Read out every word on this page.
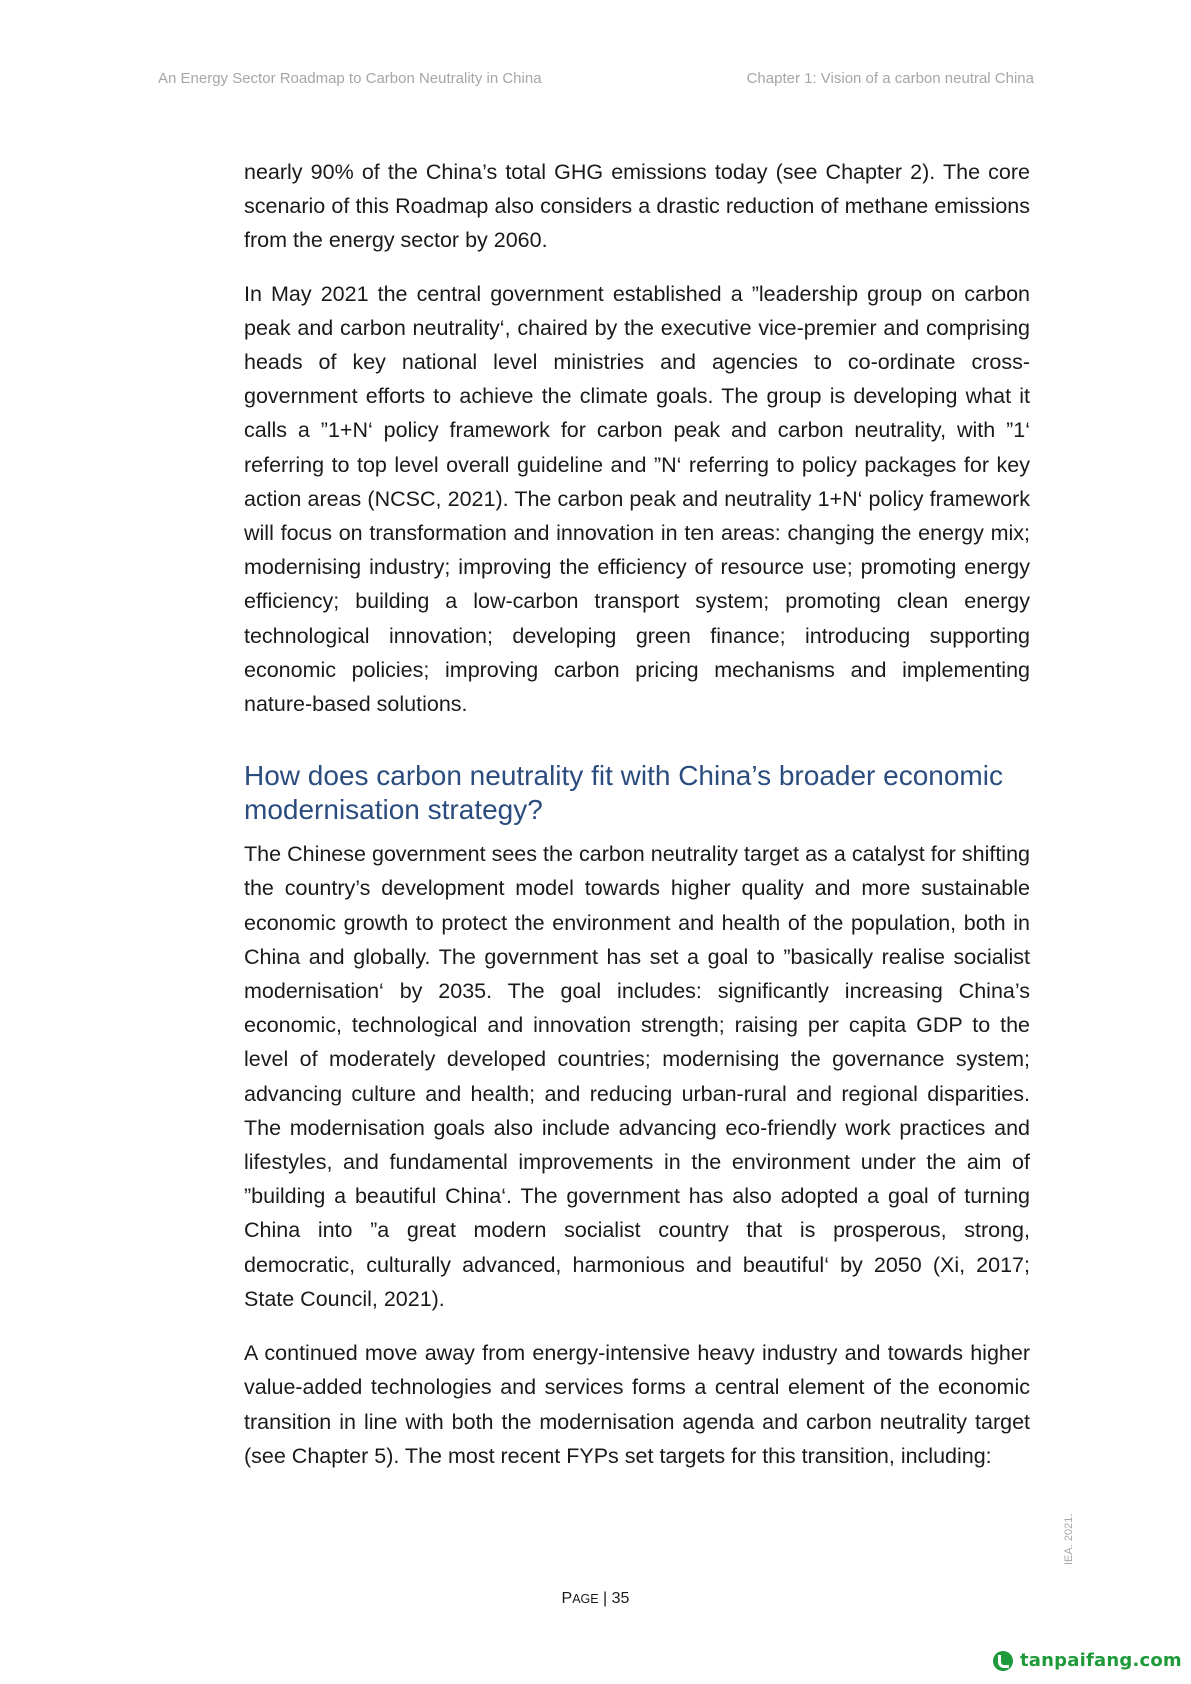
An Energy Sector Roadmap to Carbon Neutrality in China	Chapter 1: Vision of a carbon neutral China

nearly 90% of the China’s total GHG emissions today (see Chapter 2). The core scenario of this Roadmap also considers a drastic reduction of methane emissions from the energy sector by 2060.

In May 2021 the central government established a ”leadership group on carbon peak and carbon neutrality‘, chaired by the executive vice-premier and comprising heads of key national level ministries and agencies to co-ordinate cross-government efforts to achieve the climate goals. The group is developing what it calls a ”1+N‘ policy framework for carbon peak and carbon neutrality, with ”1‘ referring to top level overall guideline and ”N‘ referring to policy packages for key action areas (NCSC, 2021). The carbon peak and neutrality 1+N‘ policy framework will focus on transformation and innovation in ten areas: changing the energy mix; modernising industry; improving the efficiency of resource use; promoting energy efficiency; building a low-carbon transport system; promoting clean energy technological innovation; developing green finance; introducing supporting economic policies; improving carbon pricing mechanisms and implementing nature-based solutions.

How does carbon neutrality fit with China’s broader economic modernisation strategy?

The Chinese government sees the carbon neutrality target as a catalyst for shifting the country’s development model towards higher quality and more sustainable economic growth to protect the environment and health of the population, both in China and globally. The government has set a goal to ”basically realise socialist modernisation‘ by 2035. The goal includes: significantly increasing China’s economic, technological and innovation strength; raising per capita GDP to the level of moderately developed countries; modernising the governance system; advancing culture and health; and reducing urban-rural and regional disparities. The modernisation goals also include advancing eco-friendly work practices and lifestyles, and fundamental improvements in the environment under the aim of ”building a beautiful China‘. The government has also adopted a goal of turning China into ”a great modern socialist country that is prosperous, strong, democratic, culturally advanced, harmonious and beautiful‘ by 2050 (Xi, 2017; State Council, 2021).

A continued move away from energy-intensive heavy industry and towards higher value-added technologies and services forms a central element of the economic transition in line with both the modernisation agenda and carbon neutrality target (see Chapter 5). The most recent FYPs set targets for this transition, including:

PAGE | 35
IEA. 2021.
tanpaifang.com
